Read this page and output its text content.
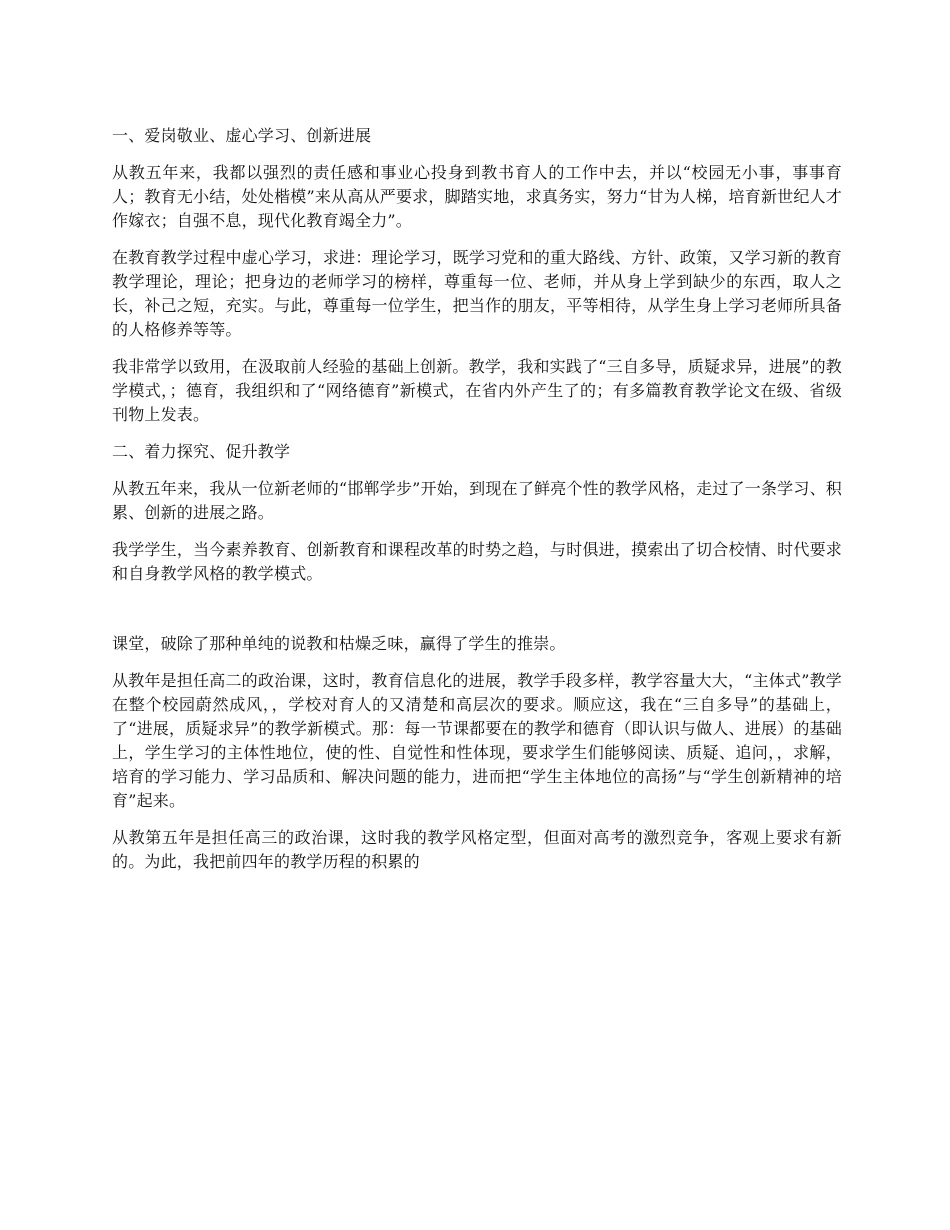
一、爱岗敬业、虚心学习、创新进展

从教五年来，我都以强烈的责任感和事业心投身到教书育人的工作中去，并以“校园无小事，事事育人；教育无小结，处处楷模”来从高从严要求，脚踏实地，求真务实，努力“甘为人梯，培育新世纪人才作嫁衣；自强不息，现代化教育竭全力”。

在教育教学过程中虚心学习，求进：理论学习，既学习党和的重大路线、方针、政策，又学习新的教育教学理论，理论；把身边的老师学习的榜样，尊重每一位、老师，并从身上学到缺少的东西，取人之长，补己之短，充实。与此，尊重每一位学生，把当作的朋友，平等相待，从学生身上学习老师所具备的人格修养等等。

我非常学以致用，在汲取前人经验的基础上创新。教学，我和实践了“三自多导，质疑求异，进展”的教学模式，；德育，我组织和了“网络德育”新模式，在省内外产生了的；有多篇教育教学论文在级、省级刊物上发表。

二、着力探究、促升教学

从教五年来，我从一位新老师的“邯郸学步”开始，到现在了鲜亮个性的教学风格，走过了一条学习、积累、创新的进展之路。

我学学生，当今素养教育、创新教育和课程改革的时势之趋，与时俱进，摸索出了切合校情、时代要求和自身教学风格的教学模式。

课堂，破除了那种单纯的说教和枯燥乏味，赢得了学生的推崇。

从教年是担任高二的政治课，这时，教育信息化的进展，教学手段多样，教学容量大大，“主体式”教学在整个校园蔚然成风，，学校对育人的又清楚和高层次的要求。顺应这，我在“三自多导”的基础上，了“进展，质疑求异”的教学新模式。那：每一节课都要在的教学和德育（即认识与做人、进展）的基础上，学生学习的主体性地位，使的性、自觉性和性体现，要求学生们能够阅读、质疑、追问，，求解，培育的学习能力、学习品质和、解决问题的能力，进而把“学生主体地位的高扬”与“学生创新精神的培育”起来。

从教第五年是担任高三的政治课，这时我的教学风格定型，但面对高考的激烈竞争，客观上要求有新的。为此，我把前四年的教学历程的积累的
